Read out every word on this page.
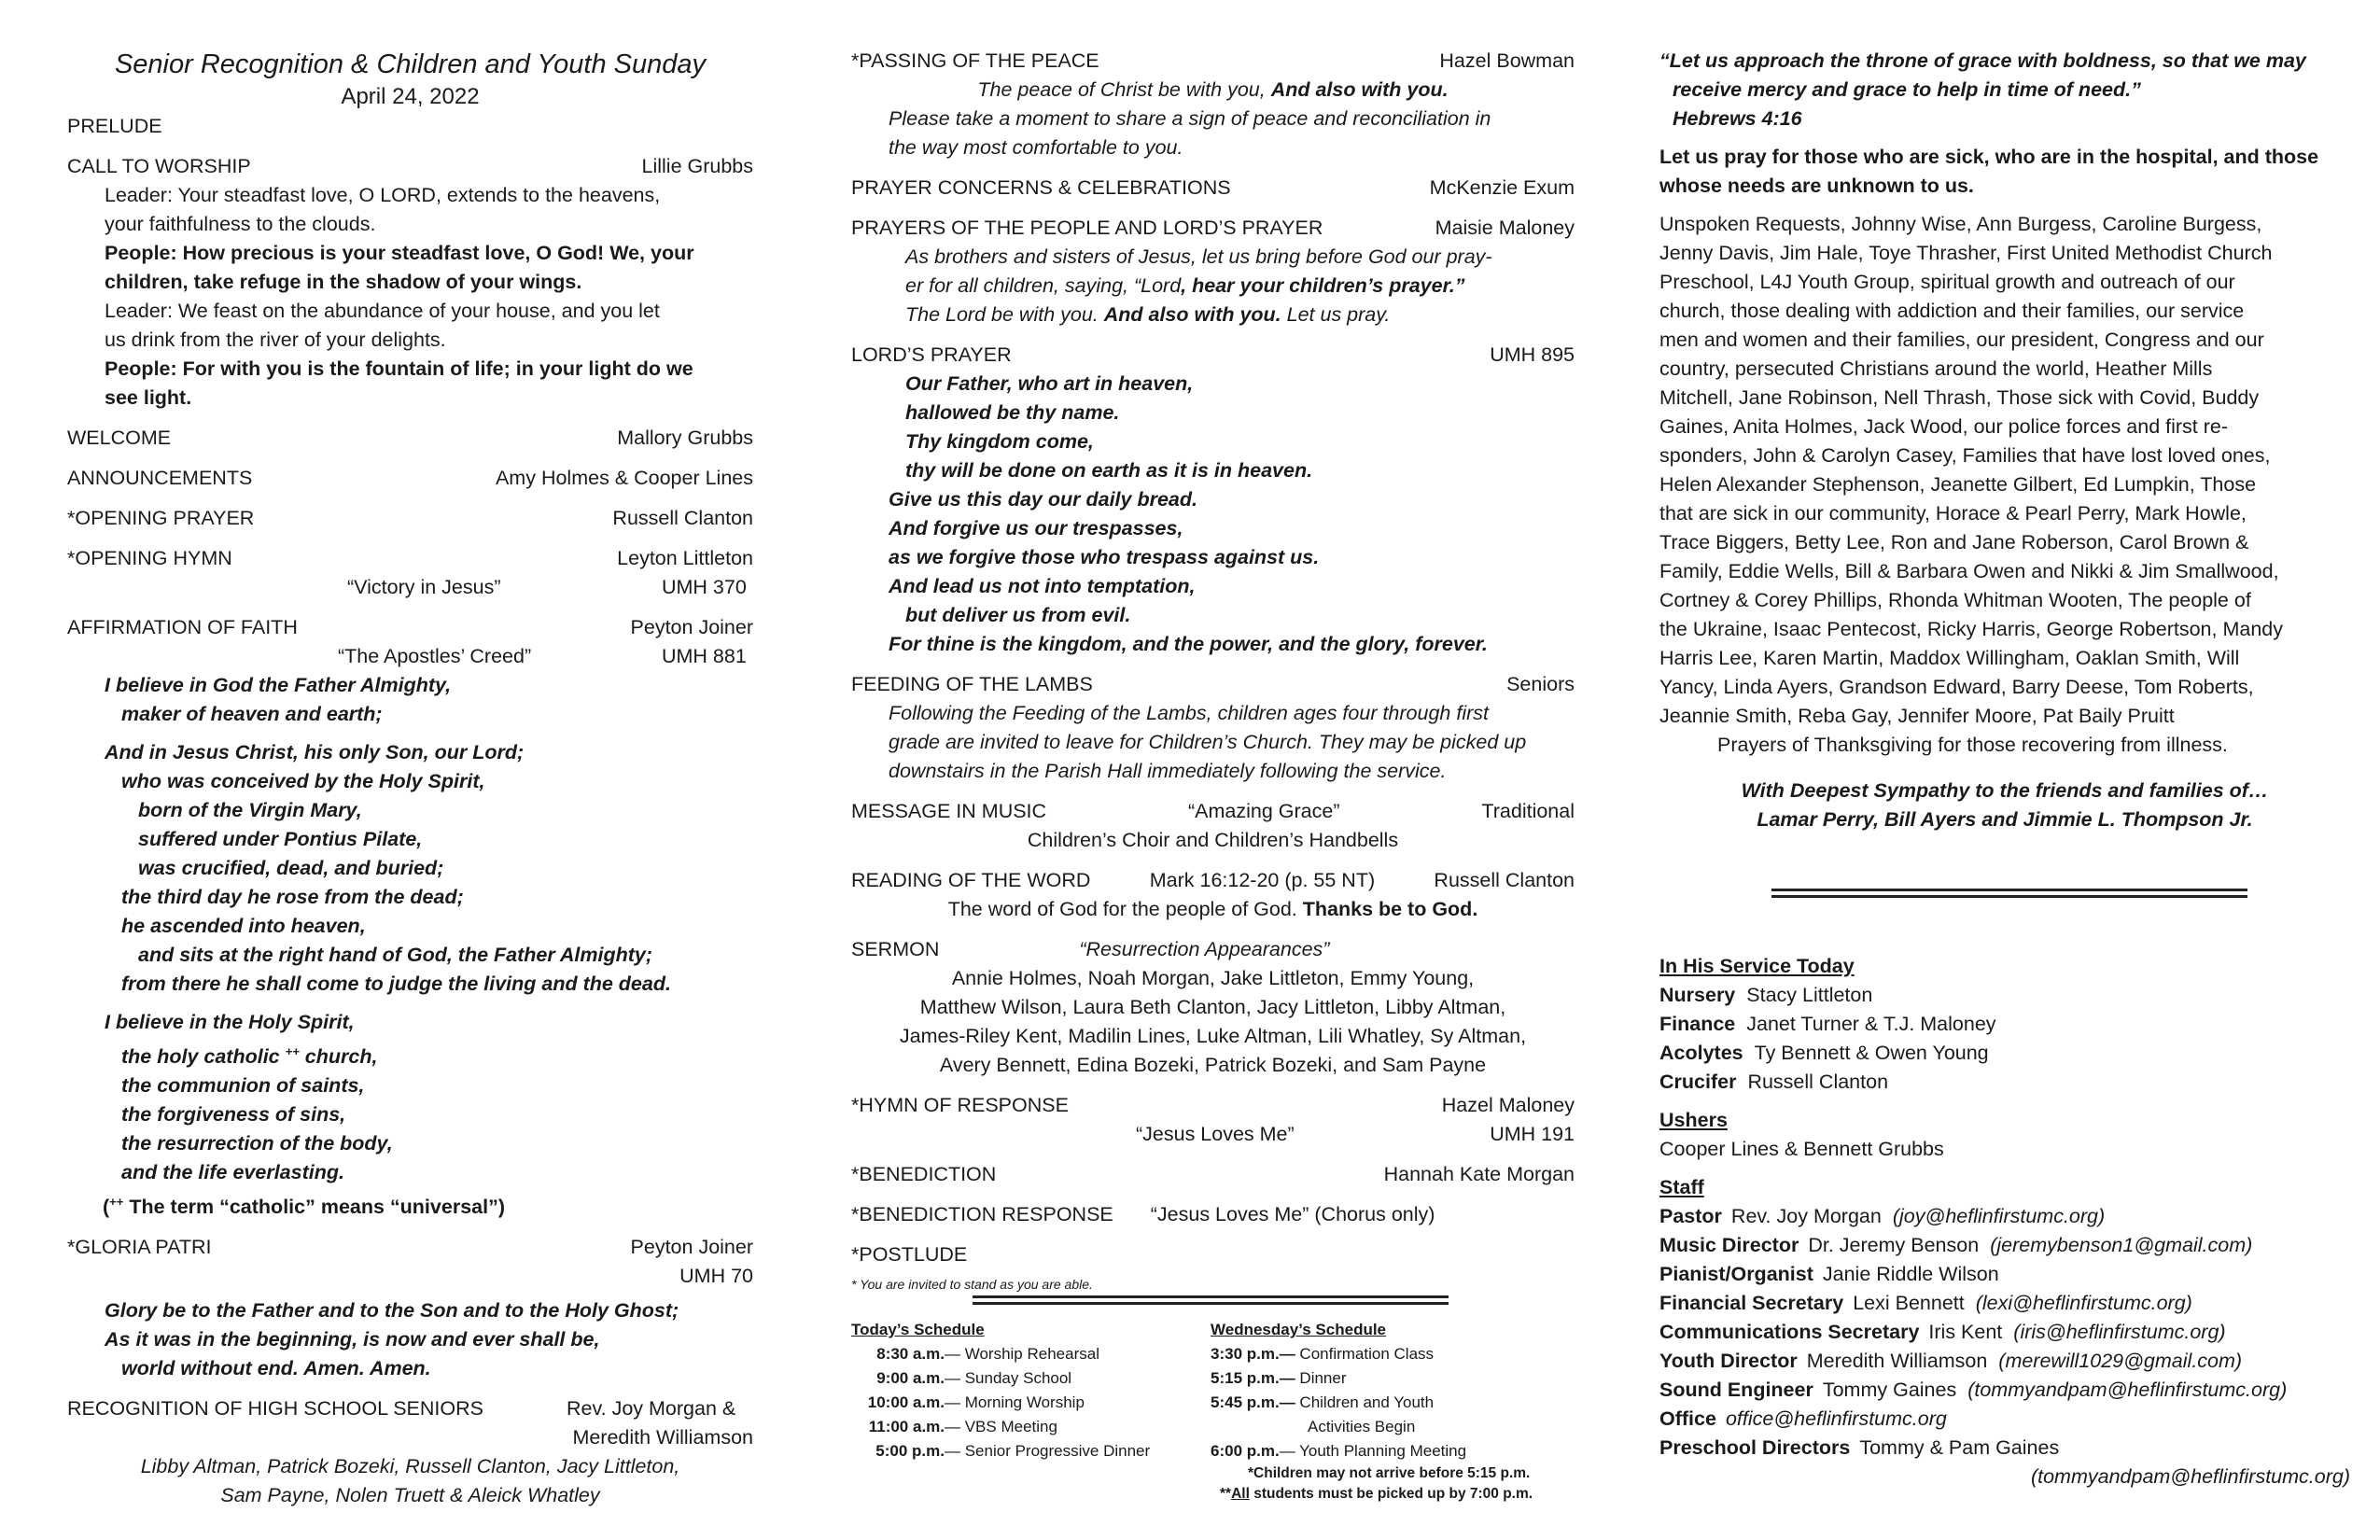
Senior Recognition & Children and Youth Sunday
April 24, 2022
PRELUDE
CALL TO WORSHIP	Lillie Grubbs
Leader: Your steadfast love, O LORD, extends to the heavens,
your faithfulness to the clouds.
People: How precious is your steadfast love, O God! We, your
children, take refuge in the shadow of your wings.
Leader: We feast on the abundance of your house, and you let
us drink from the river of your delights.
People: For with you is the fountain of life; in your light do we
see light.
WELCOME	Mallory Grubbs
ANNOUNCEMENTS	Amy Holmes & Cooper Lines
*OPENING PRAYER	Russell Clanton
*OPENING HYMN	Leyton Littleton
“Victory in Jesus”	UMH 370
AFFIRMATION OF FAITH	Peyton Joiner
“The Apostles’ Creed”	UMH 881
I believe in God the Father Almighty,
maker of heaven and earth;
And in Jesus Christ, his only Son, our Lord;
who was conceived by the Holy Spirit,
born of the Virgin Mary,
suffered under Pontius Pilate,
was crucified, dead, and buried;
the third day he rose from the dead;
he ascended into heaven,
and sits at the right hand of God, the Father Almighty;
from there he shall come to judge the living and the dead.
I believe in the Holy Spirit,
the holy catholic ++ church,
the communion of saints,
the forgiveness of sins,
the resurrection of the body,
and the life everlasting.
(++ The term “catholic” means “universal”)
*GLORIA PATRI	Peyton Joiner
UMH 70
Glory be to the Father and to the Son and to the Holy Ghost;
As it was in the beginning, is now and ever shall be,
world without end. Amen. Amen.
RECOGNITION OF HIGH SCHOOL SENIORS	Rev. Joy Morgan &
Meredith Williamson
Libby Altman, Patrick Bozeki, Russell Clanton, Jacy Littleton,
Sam Payne, Nolen Truett & Aleick Whatley
*PASSING OF THE PEACE	Hazel Bowman
The peace of Christ be with you, And also with you.
Please take a moment to share a sign of peace and reconciliation in
the way most comfortable to you.
PRAYER CONCERNS & CELEBRATIONS	McKenzie Exum
PRAYERS OF THE PEOPLE AND LORD’S PRAYER	Maisie Maloney
As brothers and sisters of Jesus, let us bring before God our pray-
er for all children, saying, “Lord, hear your children’s prayer.”
The Lord be with you. And also with you. Let us pray.
LORD’S PRAYER	UMH 895
Our Father, who art in heaven,
hallowed be thy name.
Thy kingdom come,
thy will be done on earth as it is in heaven.
Give us this day our daily bread.
And forgive us our trespasses,
as we forgive those who trespass against us.
And lead us not into temptation,
but deliver us from evil.
For thine is the kingdom, and the power, and the glory, forever.
FEEDING OF THE LAMBS	Seniors
Following the Feeding of the Lambs, children ages four through first
grade are invited to leave for Children’s Church. They may be picked up
downstairs in the Parish Hall immediately following the service.
MESSAGE IN MUSIC	“Amazing Grace”	Traditional
Children’s Choir and Children’s Handbells
READING OF THE WORD	Mark 16:12-20 (p. 55 NT)	Russell Clanton
The word of God for the people of God. Thanks be to God.
SERMON	“Resurrection Appearances”
Annie Holmes, Noah Morgan, Jake Littleton, Emmy Young,
Matthew Wilson, Laura Beth Clanton, Jacy Littleton, Libby Altman,
James-Riley Kent, Madilin Lines, Luke Altman, Lili Whatley, Sy Altman,
Avery Bennett, Edina Bozeki, Patrick Bozeki, and Sam Payne
*HYMN OF RESPONSE	Hazel Maloney
“Jesus Loves Me”	UMH 191
*BENEDICTION	Hannah Kate Morgan
*BENEDICTION RESPONSE “Jesus Loves Me” (Chorus only)
*POSTLUDE
* You are invited to stand as you are able.
Today’s Schedule
8:30 a.m.— Worship Rehearsal
9:00 a.m.— Sunday School
10:00 a.m.— Morning Worship
11:00 a.m.— VBS Meeting
5:00 p.m.— Senior Progressive Dinner
Wednesday’s Schedule
3:30 p.m.— Confirmation Class
5:15 p.m.— Dinner
5:45 p.m.— Children and Youth
Activities Begin
6:00 p.m.— Youth Planning Meeting
*Children may not arrive before 5:15 p.m.
**All students must be picked up by 7:00 p.m.
“Let us approach the throne of grace with boldness, so that we may
receive mercy and grace to help in time of need.”
Hebrews 4:16
Let us pray for those who are sick, who are in the hospital, and those whose needs are unknown to us.
Unspoken Requests, Johnny Wise, Ann Burgess, Caroline Burgess,
Jenny Davis, Jim Hale, Toye Thrasher, First United Methodist Church
Preschool, L4J Youth Group, spiritual growth and outreach of our
church, those dealing with addiction and their families, our service
men and women and their families, our president, Congress and our
country, persecuted Christians around the world, Heather Mills
Mitchell, Jane Robinson, Nell Thrash, Those sick with Covid, Buddy
Gaines, Anita Holmes, Jack Wood, our police forces and first re-
sponders, John & Carolyn Casey, Families that have lost loved ones,
Helen Alexander Stephenson, Jeanette Gilbert, Ed Lumpkin, Those
that are sick in our community, Horace & Pearl Perry, Mark Howle,
Trace Biggers, Betty Lee, Ron and Jane Roberson, Carol Brown &
Family, Eddie Wells, Bill & Barbara Owen and Nikki & Jim Smallwood,
Cortney & Corey Phillips, Rhonda Whitman Wooten, The people of
the Ukraine, Isaac Pentecost, Ricky Harris, George Robertson, Mandy
Harris Lee, Karen Martin, Maddox Willingham, Oaklan Smith, Will
Yancy, Linda Ayers, Grandson Edward, Barry Deese, Tom Roberts,
Jeannie Smith, Reba Gay, Jennifer Moore, Pat Baily Pruitt
Prayers of Thanksgiving for those recovering from illness.
With Deepest Sympathy to the friends and families of…
Lamar Perry, Bill Ayers and Jimmie L. Thompson Jr.
In His Service Today
Nursery Stacy Littleton
Finance Janet Turner & T.J. Maloney
Acolytes Ty Bennett & Owen Young
Crucifer Russell Clanton
Ushers
Cooper Lines & Bennett Grubbs
Staff
Pastor Rev. Joy Morgan (joy@heflinfirstumc.org)
Music Director Dr. Jeremy Benson (jeremybenson1@gmail.com)
Pianist/Organist Janie Riddle Wilson
Financial Secretary Lexi Bennett (lexi@heflinfirstumc.org)
Communications Secretary Iris Kent (iris@heflinfirstumc.org)
Youth Director Meredith Williamson (merewill1029@gmail.com)
Sound Engineer Tommy Gaines (tommyandpam@heflinfirstumc.org)
Office office@heflinfirstumc.org
Preschool Directors Tommy & Pam Gaines
(tommyandpam@heflinfirstumc.org)
